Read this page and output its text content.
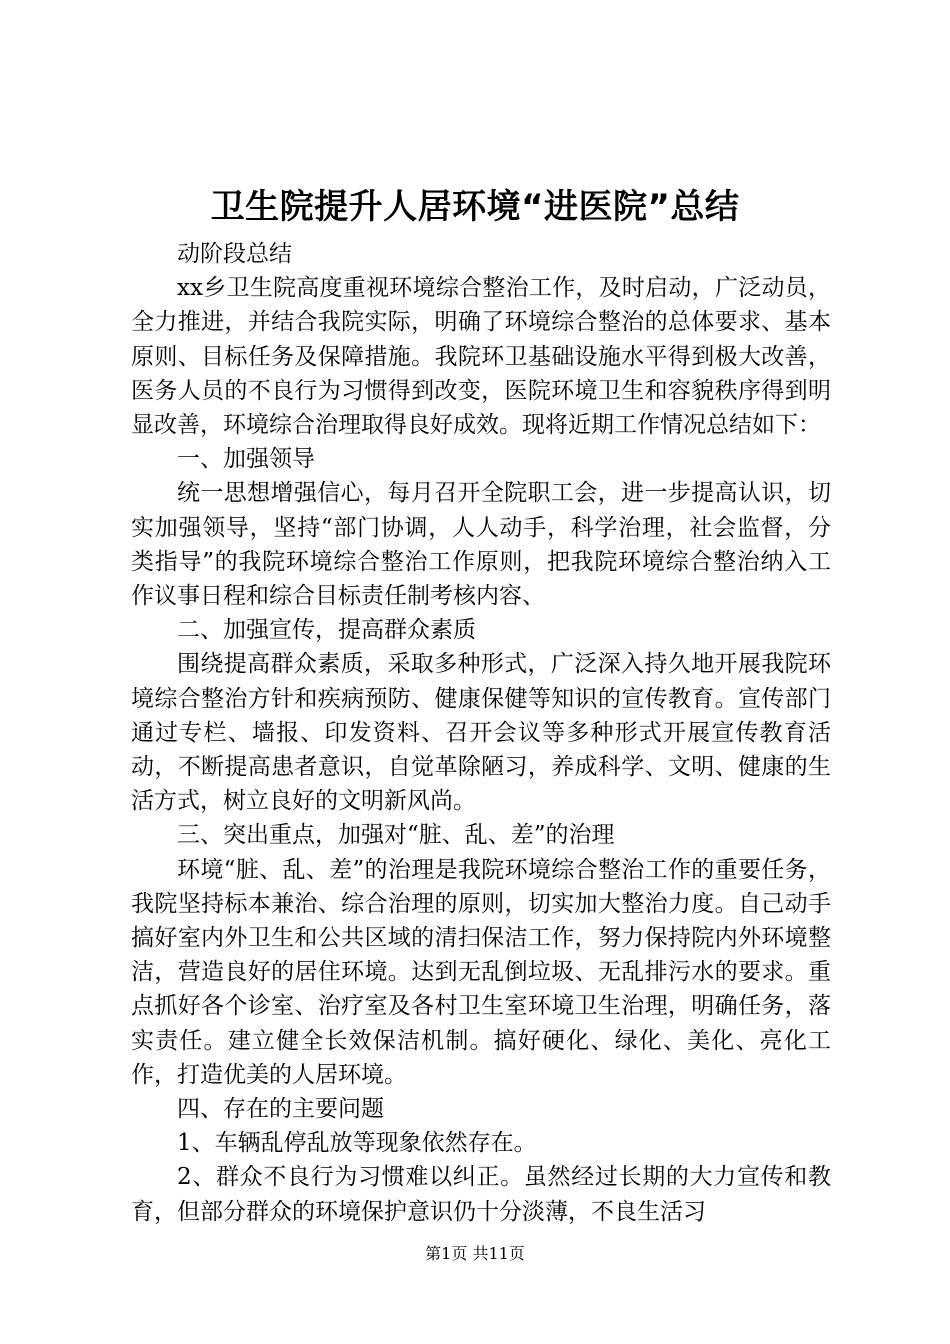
卫生院提升人居环境“进医院”总结

动阶段总结

xx乡卫生院高度重视环境综合整治工作，及时启动，广泛动员，全力推进，并结合我院实际，明确了环境综合整治的总体要求、基本原则、目标任务及保障措施。我院环卫基础设施水平得到极大改善，医务人员的不良行为习惯得到改变，医院环境卫生和容貌秩序得到明显改善，环境综合治理取得良好成效。现将近期工作情况总结如下：

一、加强领导

统一思想增强信心，每月召开全院职工会，进一步提高认识，切实加强领导，坚持“部门协调，人人动手，科学治理，社会监督，分类指导”的我院环境综合整治工作原则，把我院环境综合整治纳入工作议事日程和综合目标责任制考核内容、

二、加强宣传，提高群众素质

围绕提高群众素质，采取多种形式，广泛深入持久地开展我院环境综合整治方针和疾病预防、健康保健等知识的宣传教育。宣传部门通过专栏、墙报、印发资料、召开会议等多种形式开展宣传教育活动，不断提高患者意识，自觉革除陋习，养成科学、文明、健康的生活方式，树立良好的文明新风尚。

三、突出重点，加强对“脏、乱、差”的治理

环境“脏、乱、差”的治理是我院环境综合整治工作的重要任务，我院坚持标本兼治、综合治理的原则，切实加大整治力度。自己动手搞好室内外卫生和公共区域的清扫保洁工作，努力保持院内外环境整洁，营造良好的居住环境。达到无乱倒垃圾、无乱排污水的要求。重点抓好各个诊室、治疗室及各村卫生室环境卫生治理，明确任务，落实责任。建立健全长效保洁机制。搞好硬化、绿化、美化、亮化工作，打造优美的人居环境。

四、存在的主要问题

1、车辆乱停乱放等现象依然存在。

2、群众不良行为习惯难以纠正。虽然经过长期的大力宣传和教育，但部分群众的环境保护意识仍十分淡薄，不良生活习

第1页 共11页
